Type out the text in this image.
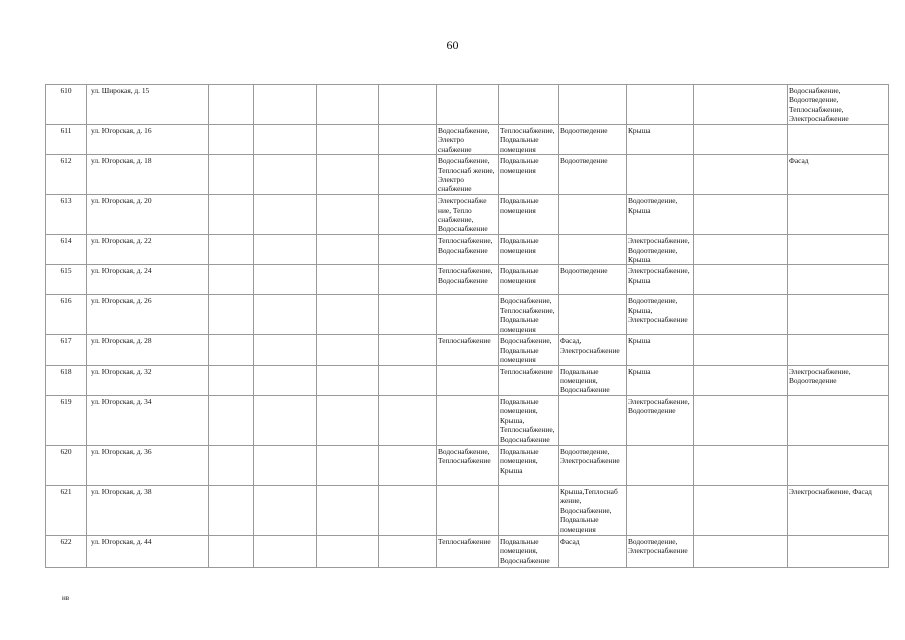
60
610	ул. Широкая, д. 15										Водоснабжение, Водоотведение, Теплоснабжение, Электроснабжение
611	ул. Югорская, д. 16					Водоснабжение, Электро снабжение	Теплоснабжение, Подвальные помещения	Водоотведение	Крыша		
612	ул. Югорская, д. 18					Водоснабжение, Теплоснаб жение, Электро снабжение	Подвальные помещения	Водоотведение			Фасад
613	ул. Югорская, д. 20					Электроснабже ние, Тепло снабжение, Водоснабжение	Подвальные помещения		Водоотведение, Крыша		
614	ул. Югорская, д. 22					Теплоснабжение, Водоснабжение	Подвальные помещения		Электроснабжение, Водоотведение, Крыша		
615	ул. Югорская, д. 24					Теплоснабжение, Водоснабжение	Подвальные помещения	Водоотведение	Электроснабжение, Крыша		
616	ул. Югорская, д. 26						Водоснабжение, Теплоснабжение, Подвальные помещения		Водоотведение, Крыша, Электроснабжение		
617	ул. Югорская, д. 28					Теплоснабжение	Водоснабжение, Подвальные помещения	Фасад, Электроснабжение	Крыша		
618	ул. Югорская, д. 32						Теплоснабжение	Подвальные помещения, Водоснабжение	Крыша		Электроснабжение, Водоотведение
619	ул. Югорская, д. 34						Подвальные помещения, Крыша, Теплоснабжение, Водоснабжение		Электроснабжение, Водоотведение		
620	ул. Югорская, д. 36					Водоснабжение, Теплоснабжение	Подвальные помещения, Крыша	Водоотведение, Электроснабжение			
621	ул. Югорская, д. 38							Крыша,Теплоснаб жение, Водоснабжение, Подвальные помещения			Электроснабжение, Фасад
622	ул. Югорская, д. 44					Теплоснабжение	Подвальные помещения, Водоснабжение	Фасад	Водоотведение, Электроснабжение		
нв
